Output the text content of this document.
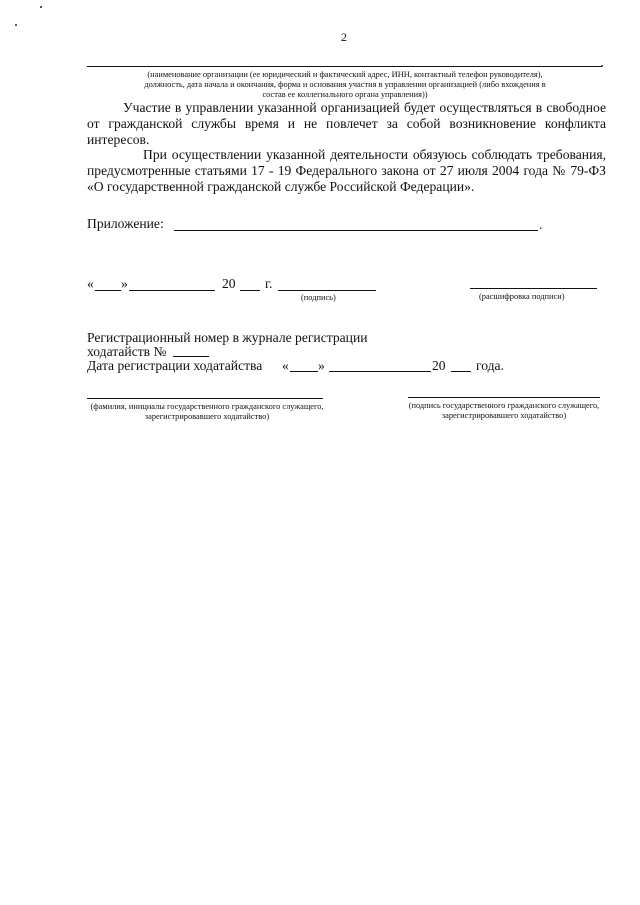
2
(наименование организации (ее юридический и фактический адрес, ИНН, контактный телефон руководителя),
должность, дата начала и окончания, форма и основания участия в управлении организацией (либо вхождения в
состав ее коллегиального органа управления))
Участие в управлении указанной организацией будет осуществляться в свободное от гражданской службы время и не повлечет за собой возникновение конфликта интересов.
При осуществлении указанной деятельности обязуюсь соблюдать требования, предусмотренные статьями 17 - 19 Федерального закона от 27 июля 2004 года № 79-ФЗ «О государственной гражданской службе Российской Федерации».
Приложение:	.
« »	20 г.
(подпись)	(расшифровка подписи)
Регистрационный номер в журнале регистрации
ходатайств №
Дата регистрации ходатайства « »	20 года.
(фамилия, инициалы государственного гражданского служащего, зарегистрировавшего ходатайство)
(подпись государственного гражданского служащего, зарегистрировавшего ходатайство)
